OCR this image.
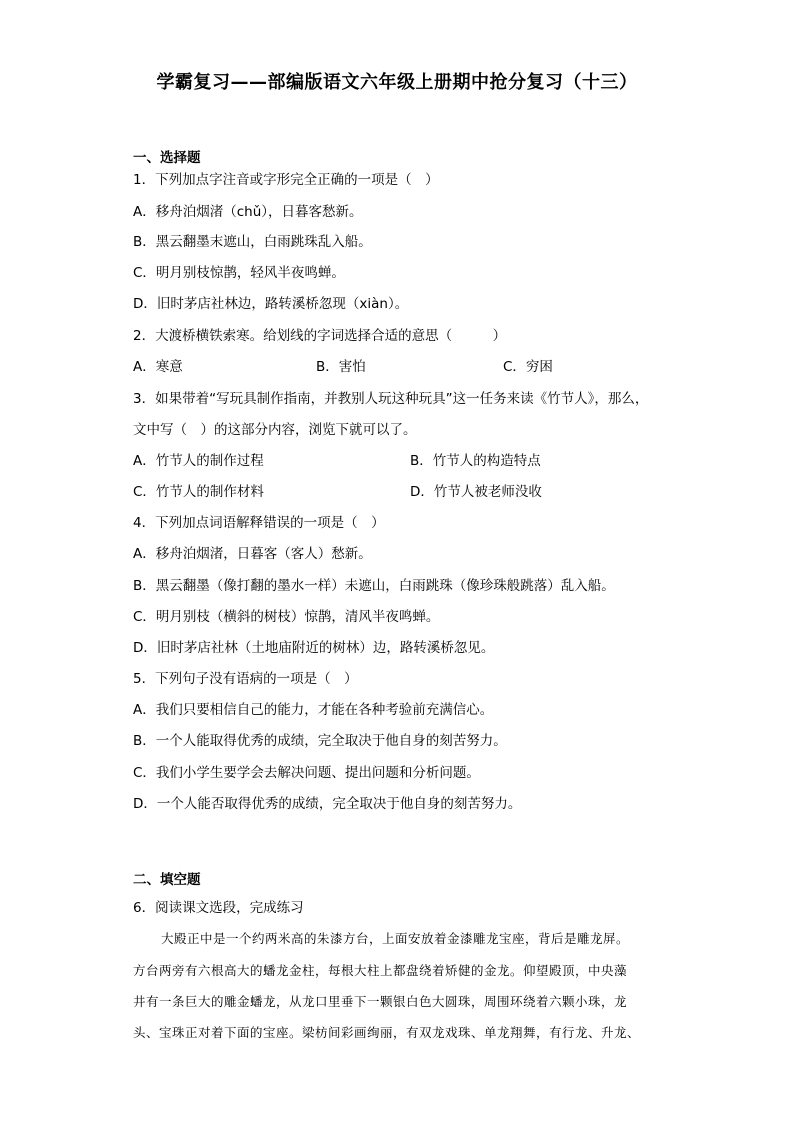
学霸复习——部编版语文六年级上册期中抢分复习（十三）
一、选择题
1．下列加点字注音或字形完全正确的一项是（　）
A．移舟泊烟渚（chǔ），日暮客愁新。
B．黑云翻墨末遮山，白雨跳珠乱入船。
C．明月别枝惊鹊，轻风半夜鸣蝉。
D．旧时茅店社林边，路转溪桥忽现（xiàn）。
2．大渡桥横铁索寒。给划线的字词选择合适的意思（　　　）
A．寒意	B．害怕	C．穷困
3．如果带着“写玩具制作指南，并教别人玩这种玩具”这一任务来读《竹节人》，那么，
文中写（　）的这部分内容，浏览下就可以了。
A．竹节人的制作过程	B．竹节人的构造特点
C．竹节人的制作材料	D．竹节人被老师没收
4．下列加点词语解释错误的一项是（　）
A．移舟泊烟渚，日暮客（客人）愁新。
B．黑云翻墨（像打翻的墨水一样）未遮山，白雨跳珠（像珍珠般跳落）乱入船。
C．明月别枝（横斜的树枝）惊鹊，清风半夜鸣蝉。
D．旧时茅店社林（土地庙附近的树林）边，路转溪桥忽见。
5．下列句子没有语病的一项是（　）
A．我们只要相信自己的能力，才能在各种考验前充满信心。
B．一个人能取得优秀的成绩，完全取决于他自身的刻苦努力。
C．我们小学生要学会去解决问题、提出问题和分析问题。
D．一个人能否取得优秀的成绩，完全取决于他自身的刻苦努力。
二、填空题
6．阅读课文选段，完成练习
大殿正中是一个约两米高的朱漆方台，上面安放着金漆雕龙宝座，背后是雕龙屏。
方台两旁有六根高大的蟠龙金柱，每根大柱上都盘绕着矫健的金龙。仰望殿顶，中央藻
井有一条巨大的雕金蟠龙，从龙口里垂下一颗银白色大圆珠，周围环绕着六颗小珠，龙
头、宝珠正对着下面的宝座。梁枋间彩画绚丽，有双龙戏珠、单龙翔舞，有行龙、升龙、
